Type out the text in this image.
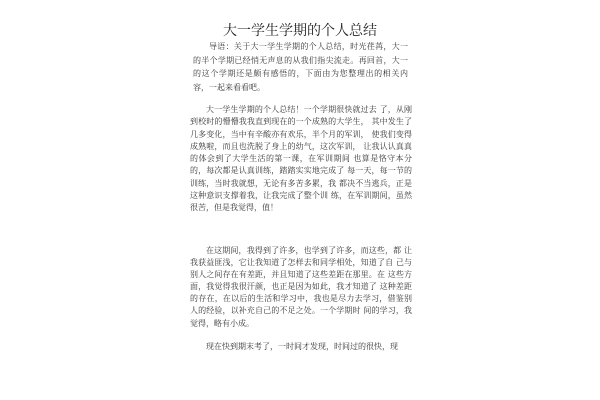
大一学生学期的个人总结

导语：关于大一学生学期的个人总结，时光荏苒，大一 的半个学期已经悄无声息的从我们指尖流走。再回首，大一 的这个学期还是颇有感悟的，下面由为您整理出的相关内 容，一起来看看吧。

大一学生学期的个人总结！一个学期很快就过去 了，从刚到校时的懵懵我我直到现在的一个成熟的大学生， 其中发生了几多变化，当中有辛酸亦有欢乐，半个月的军训， 使我们变得成熟啦，而且也洗脱了身上的幼气，这次军训， 让我认认真真的体会到了大学生活的第一课，在军训期间 也算是恪守本分的，每次都是认真训练，踏踏实实地完成了 每一天，每一节的训练，当时我就想，无论有多苦多累，我 都决不当逃兵，正是这种意识支撑着我，让我完成了整个训 练，在军训期间，虽然很苦，但是我觉得，值！

在这期间，我得到了许多，也学到了许多，而这些，都 让我获益匪浅，它让我知道了怎样去和同学相处，知道了自 己与别人之间存在有差距，并且知道了这些差距在那里。在 这些方面，我觉得我很汗颜，也正是因为如此，我才知道了 这种差距的存在，在以后的生活和学习中，我也是尽力去学习，借鉴别人的经验，以补充自己的不足之处。一个学期时 间的学习，我觉得，略有小成。

现在快到期末考了，一时间才发现，时间过的很快，现
